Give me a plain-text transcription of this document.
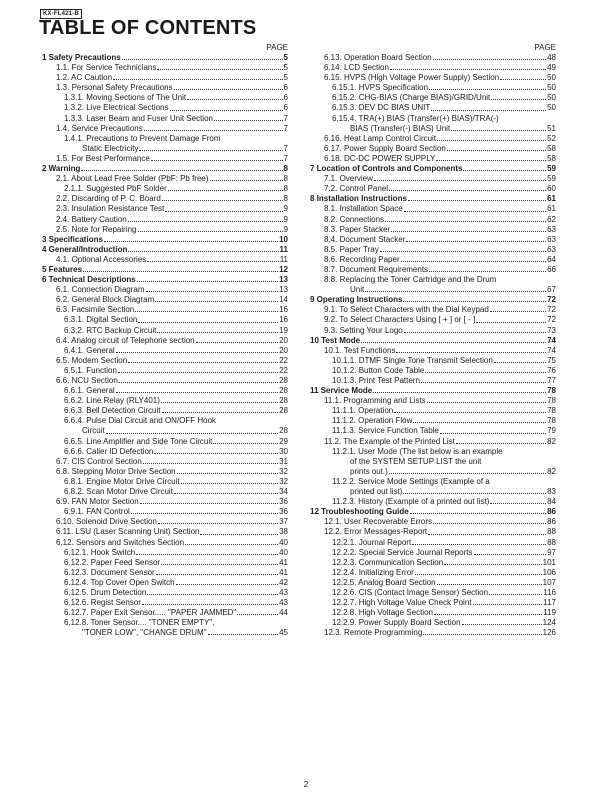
KX-FL421-B
TABLE OF CONTENTS
PAGE
1 Safety Precautions	5
1.1. For Service Technicians	5
1.2. AC Caution	5
1.3. Personal Safety Precautions	6
1.3.1. Moving Sections of The Unit	6
1.3.2. Live Electrical Sections	6
1.3.3. Laser Beam and Fuser Unit Section	7
1.4. Service Precautions	7
1.4.1. Precautions to Prevent Damage From
Static Electricity	7
1.5. For Best Performance	7
2 Warning	8
2.1. About Lead Free Solder (PbF: Pb free)	8
2.1.1. Suggested PbF Solder	8
2.2. Discarding of P. C. Board	8
2.3. Insulation Resistance Test	9
2.4. Battery Caution	9
2.5. Note for Repairing	9
3 Specifications	10
4 General/Introduction	11
4.1. Optional Accessories	11
5 Features	12
6 Technical Descriptions	13
6.1. Connection Diagram	13
6.2. General Block Diagram	14
6.3. Facsimile Section	16
6.3.1. Digital Section	16
6.3.2. RTC Backup Circuit	19
6.4. Analog circuit of Telephone section	20
6.4.1. General	20
6.5. Modem Section	22
6.5.1. Function	22
6.6. NCU Section	28
6.6.1. General	28
6.6.2. Line Relay (RLY401)	28
6.6.3. Bell Detection Circuit	28
6.6.4. Pulse Dial Circuit and ON/OFF Hook
Circuit	28
6.6.5. Line Amplifier and Side Tone Circuit	29
6.6.6. Caller ID Defection	30
6.7. CIS Control Section	31
6.8. Stepping Motor Drive Section	32
6.8.1. Engine Motor Drive Circuit	32
6.8.2. Scan Motor Drive Circuit	34
6.9. FAN Motor Section	36
6.9.1. FAN Control	36
6.10. Solenoid Drive Section	37
6.11. LSU (Laser Scanning Unit) Section	38
6.12. Sensors and Switches Section	40
6.12.1. Hook Switch	40
6.12.2. Paper Feed Sensor	41
6.12.3. Document Sensor	41
6.12.4. Top Cover Open Switch	42
6.12.5. Drum Detection	43
6.12.6. Regist Sensor	43
6.12.7. Paper Exit Sensor..... "PAPER JAMMED"	44
6.12.8. Toner Sensor.... "TONER EMPTY",
"TONER LOW", "CHANGE DRUM"	45
PAGE
6.13. Operation Board Section	48
6.14. LCD Section	49
6.15. HVPS (High Voltage Power Supply) Section	50
6.15.1. HVPS Specification	50
6.15.2. CHG-BIAS (Charge BIAS)/GRID/Unit	50
6.15.3. DEV DC BIAS UNIT	50
6.15.4. TRA(+) BIAS (Transfer(+) BIAS)/TRA(-)
BIAS (Transfer(-) BIAS) Unit	51
6.16. Heat Lamp Control Circuit	52
6.17. Power Supply Board Section	58
6.18. DC-DC POWER SUPPLY	58
7 Location of Controls and Components	59
7.1. Overview	59
7.2. Control Panel	60
8 Installation Instructions	61
8.1. Installation Space	61
8.2. Connections	62
8.3. Paper Stacker	63
8.4. Document Stacker	63
8.5. Paper Tray	63
8.6. Recording Paper	64
8.7. Document Requirements	66
8.8. Replacing the Toner Cartridge and the Drum
Unit	67
9 Operating Instructions	72
9.1. To Select Characters with the Dial Keypad	72
9.2. To Select Characters Using [ + ] or [ - ]	72
9.3. Setting Your Logo	73
10 Test Mode	74
10.1. Test Functions	74
10.1.1. DTMF Single Tone Transmit Selection	75
10.1.2. Button Code Table	76
10.1.3. Print Test Pattern	77
11 Service Mode	78
11.1. Programming and Lists	78
11.1.1. Operation	78
11.1.2. Operation Flow	78
11.1.3. Service Function Table	79
11.2. The Example of the Printed List	82
11.2.1. User Mode (The list below is an example
of the SYSTEM SETUP LIST the unit
prints out.)	82
11.2.2. Service Mode Settings (Example of a
printed out list)	83
11.2.3. History (Example of a printed out list)	84
12 Troubleshooting Guide	86
12.1. User Recoverable Errors	86
12.2. Error Messages-Report	88
12.2.1. Journal Report	88
12.2.2. Special Service Journal Reports	97
12.2.3. Communication Section	101
12.2.4. Initializing Error	106
12.2.5. Analog Board Section	107
12.2.6. CIS (Contact Image Sensor) Section	116
12.2.7. High Voltage Value Check Point	117
12.2.8. High Voltage Section	119
12.2.9. Power Supply Board Section	124
12.3. Remote Programming	126
2
